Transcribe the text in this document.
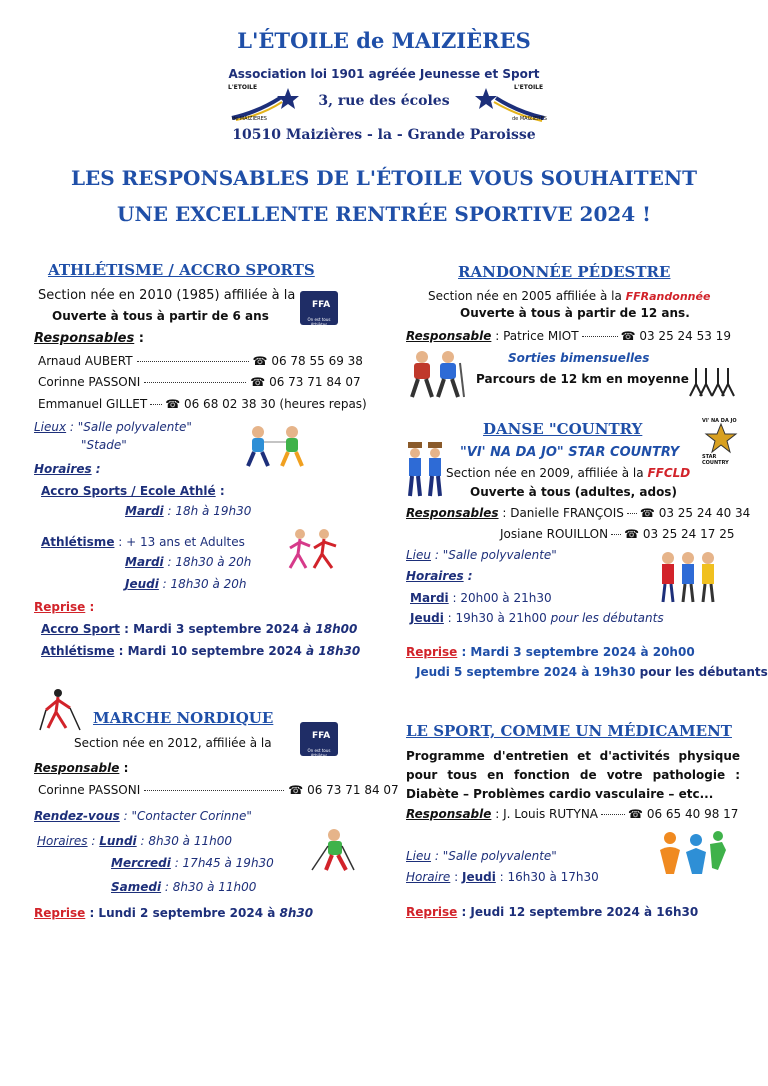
L'ÉTOILE de MAIZIÈRES
Association loi 1901 agréée Jeunesse et Sport
L'ETOILE
de MAIZIERES
3, rue des écoles
L'ETOILE
de MAIZIERES
10510 Maizières - la - Grande Paroisse
LES RESPONSABLES DE L'ÉTOILE VOUS SOUHAITENT
UNE EXCELLENTE RENTRÉE SPORTIVE 2024 !
ATHLÉTISME / ACCRO SPORTS
Section née en 2010 (1985) affiliée à la
FFA
On est tous Athlètes
Ouverte à tous à partir de 6 ans
Responsables :
Arnaud AUBERT	☎ 06 78 55 69 38
Corinne PASSONI	☎ 06 73 71 84 07
Emmanuel GILLET ☎ 06 68 02 38 30 (heures repas)
Lieux : "Salle polyvalente"
"Stade"
Horaires :
Accro Sports / Ecole Athlé :
Mardi : 18h à 19h30
Athlétisme : + 13 ans et Adultes
Mardi : 18h30 à 20h
Jeudi : 18h30 à 20h
Reprise :
Accro Sport : Mardi 3 septembre 2024 à 18h00
Athlétisme : Mardi 10 septembre 2024 à 18h30
RANDONNÉE PÉDESTRE
Section née en 2005 affiliée à la FFRandonnée
Ouverte à tous à partir de 12 ans.
Responsable : Patrice MIOT	☎ 03 25 24 53 19
Sorties bimensuelles
Parcours de 12 km en moyenne
DANSE "COUNTRY	VI' NA DA JO
STAR COUNTRY
"VI' NA DA JO" STAR COUNTRY
Section née en 2009, affiliée à la FFCLD
Ouverte à tous (adultes, ados)
Responsables : Danielle FRANÇOIS ☎ 03 25 24 40 34
Josiane ROUILLON ☎ 03 25 24 17 25
Lieu : "Salle polyvalente"
Horaires :
Mardi : 20h00 à 21h30
Jeudi : 19h30 à 21h00 pour les débutants
Reprise : Mardi 3 septembre 2024 à 20h00
Jeudi 5 septembre 2024 à 19h30 pour les débutants
MARCHE NORDIQUE
FFA
On est tous Athlètes
Section née en 2012, affiliée à la
Responsable :
Corinne PASSONI	☎ 06 73 71 84 07
Rendez-vous : "Contacter Corinne"
Horaires : Lundi : 8h30 à 11h00
Mercredi : 17h45 à 19h30
Samedi : 8h30 à 11h00
Reprise : Lundi 2 septembre 2024 à 8h30
LE SPORT, COMME UN MÉDICAMENT
Programme d'entretien et d'activités physique
pour tous en fonction de votre pathologie :
Diabète – Problèmes cardio vasculaire – etc...
Responsable : J. Louis RUTYNA	☎ 06 65 40 98 17
Lieu : "Salle polyvalente"
Horaire : Jeudi : 16h30 à 17h30
Reprise : Jeudi 12 septembre 2024 à 16h30
